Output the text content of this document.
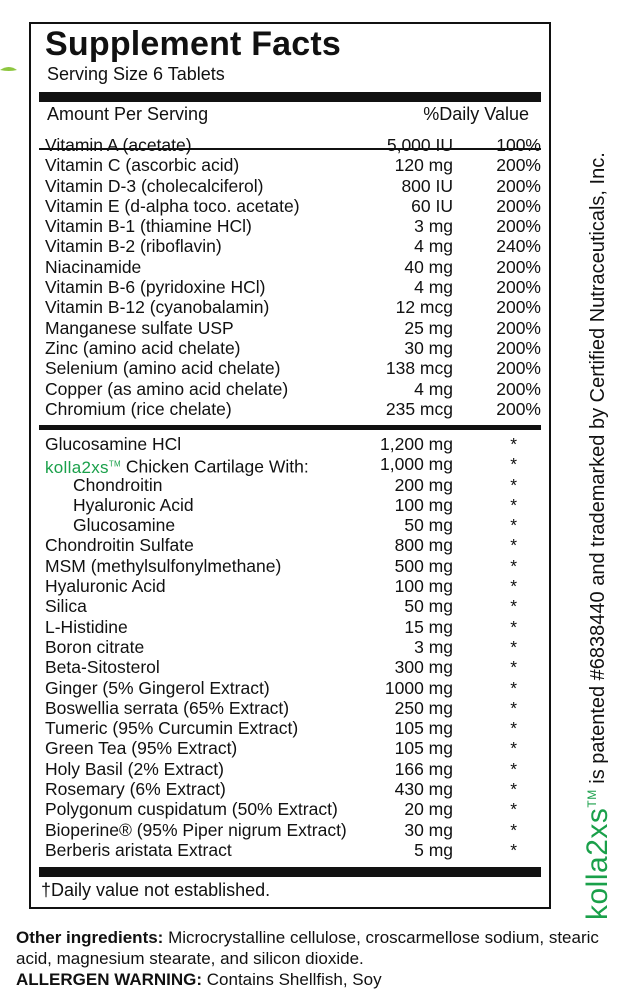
Supplement Facts
Serving Size 6 Tablets
Amount Per Serving	%Daily Value
Vitamin A (acetate)	5,000 IU 100%
Vitamin C (ascorbic acid)	120 mg 200%
Vitamin D-3 (cholecalciferol)	800 IU 200%
Vitamin E (d-alpha toco. acetate)	60 IU 200%
Vitamin B-1 (thiamine HCl)	3 mg 200%
Vitamin B-2 (riboflavin)	4 mg 240%
Niacinamide	40 mg 200%
Vitamin B-6 (pyridoxine HCl)	4 mg 200%
Vitamin B-12 (cyanobalamin)	12 mcg 200%
Manganese sulfate USP	25 mg 200%
Zinc (amino acid chelate)	30 mg 200%
Selenium (amino acid chelate)	138 mcg 200%
Copper (as amino acid chelate)	4 mg 200%
Chromium (rice chelate)	235 mcg 200%
Glucosamine HCl	1,200 mg	*
kolla2xs™ Chicken Cartilage With:	1,000 mg	*
Chondroitin	200 mg	*
Hyaluronic Acid	100 mg	*
Glucosamine	50 mg	*
Chondroitin Sulfate	800 mg	*
MSM (methylsulfonylmethane)	500 mg	*
Hyaluronic Acid	100 mg	*
Silica	50 mg	*
L-Histidine	15 mg	*
Boron citrate	3 mg	*
Beta-Sitosterol	300 mg	*
Ginger (5% Gingerol Extract)	1000 mg	*
Boswellia serrata (65% Extract)	250 mg	*
Tumeric (95% Curcumin Extract)	105 mg	*
Green Tea (95% Extract)	105 mg	*
Holy Basil (2% Extract)	166 mg	*
Rosemary (6% Extract)	430 mg	*
Polygonum cuspidatum (50% Extract)	20 mg	*
Bioperine® (95% Piper nigrum Extract)	30 mg	*
Berberis aristata Extract	5 mg	*
†Daily value not established.
Other ingredients: Microcrystalline cellulose, croscarmellose sodium, stearic acid, magnesium stearate, and silicon dioxide.
ALLERGEN WARNING: Contains Shellfish, Soy
kolla2xs™ is patented #6838440 and trademarked by Certified Nutraceuticals, Inc.
